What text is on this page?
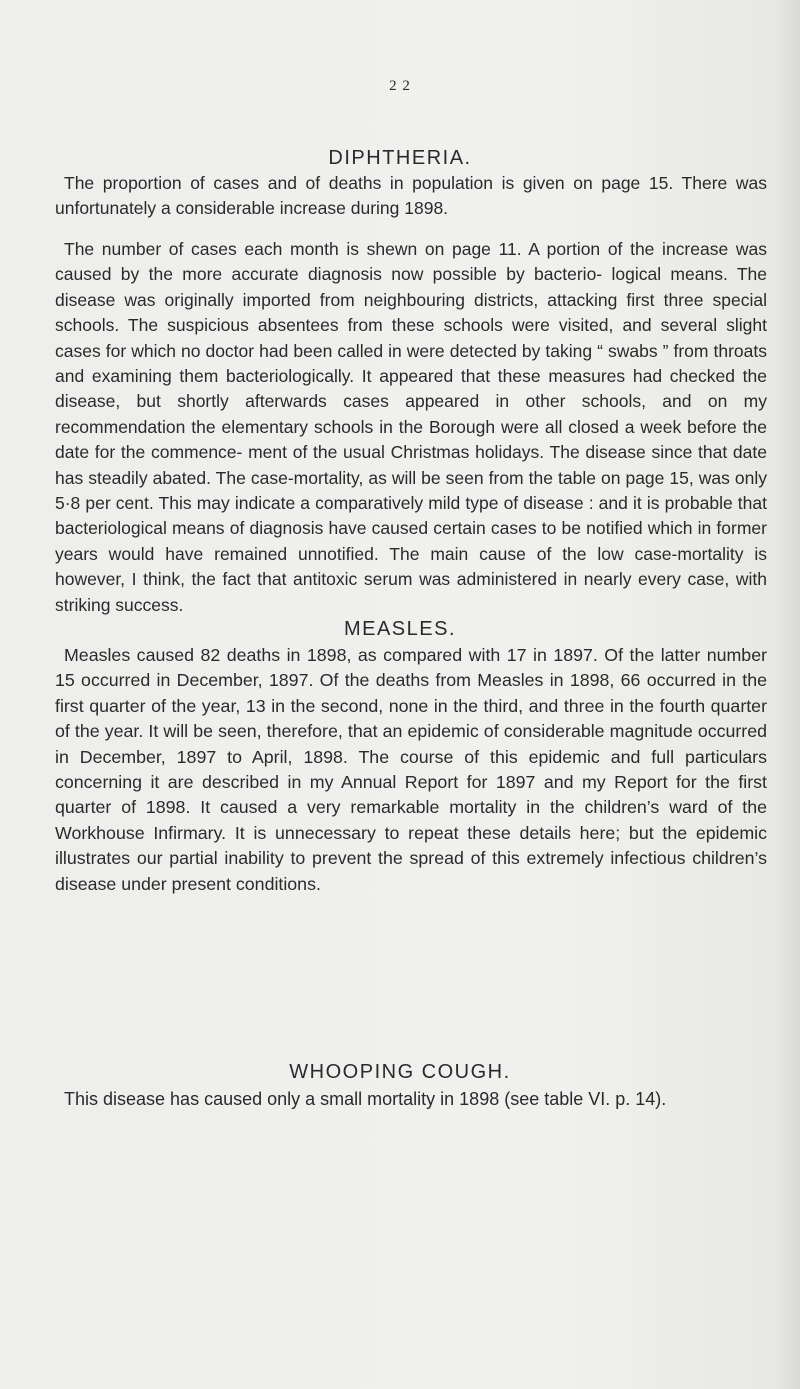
2 2
DIPHTHERIA.

The proportion of cases and of deaths in population is given on page 15. There was unfortunately a considerable increase during 1898.

The number of cases each month is shewn on page 11. A portion of the increase was caused by the more accurate diagnosis now possible by bacterio- logical means. The disease was originally imported from neighbouring districts, attacking first three special schools. The suspicious absentees from these schools were visited, and several slight cases for which no doctor had been called in were detected by taking “ swabs ” from throats and examining them bacteriologically. It appeared that these measures had checked the disease, but shortly afterwards cases appeared in other schools, and on my recommendation the elementary schools in the Borough were all closed a week before the date for the commence- ment of the usual Christmas holidays. The disease since that date has steadily abated. The case-mortality, as will be seen from the table on page 15, was only 5·8 per cent. This may indicate a comparatively mild type of disease : and it is probable that bacteriological means of diagnosis have caused certain cases to be notified which in former years would have remained unnotified. The main cause of the low case-mortality is however, I think, the fact that antitoxic serum was administered in nearly every case, with striking success.

MEASLES.

Measles caused 82 deaths in 1898, as compared with 17 in 1897. Of the latter number 15 occurred in December, 1897. Of the deaths from Measles in 1898, 66 occurred in the first quarter of the year, 13 in the second, none in the third, and three in the fourth quarter of the year. It will be seen, therefore, that an epidemic of considerable magnitude occurred in December, 1897 to April, 1898. The course of this epidemic and full particulars concerning it are described in my Annual Report for 1897 and my Report for the first quarter of 1898. It caused a very remarkable mortality in the children’s ward of the Workhouse Infirmary. It is unnecessary to repeat these details here; but the epidemic illustrates our partial inability to prevent the spread of this extremely infectious children’s disease under present conditions.

WHOOPING COUGH.

This disease has caused only a small mortality in 1898 (see table VI. p. 14).
